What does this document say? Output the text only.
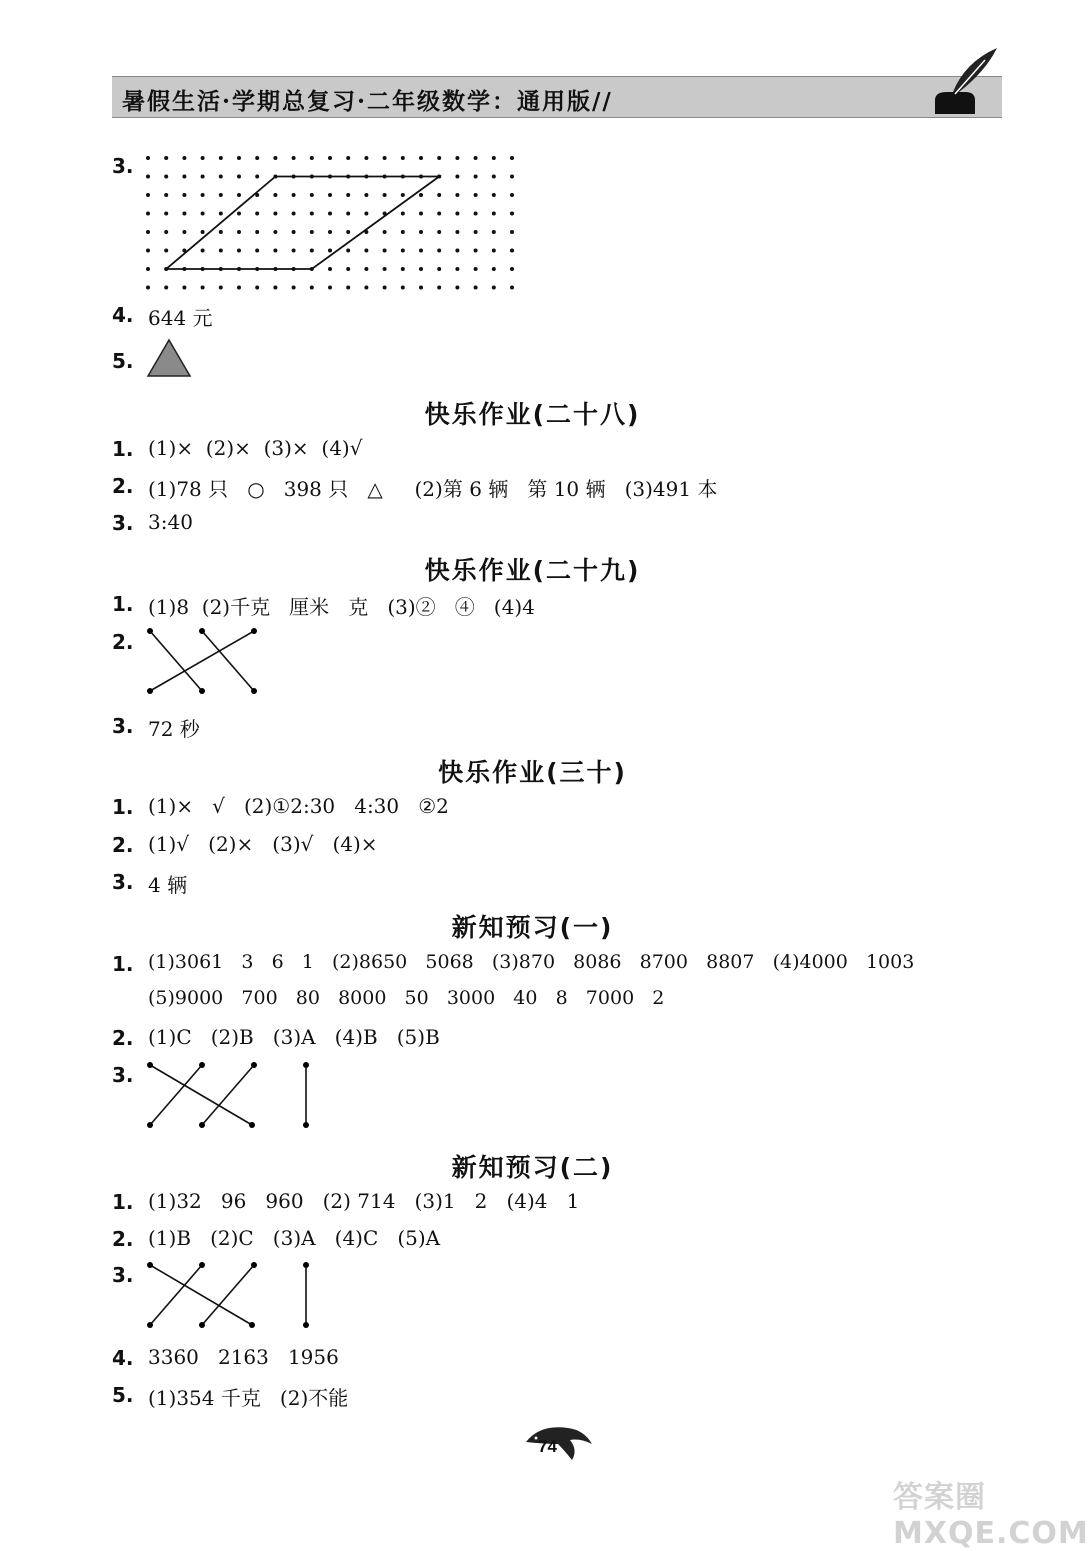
暑假生活·学期总复习·二年级数学：通用版//
3.
4. 644 元
5.
快乐作业(二十八)
1. (1)×  (2)×  (3)×  (4)√
2. (1)78 只   ○   398 只   △     (2)第 6 辆   第 10 辆   (3)491 本
3. 3:40
快乐作业(二十九)
1. (1)8  (2)千克   厘米   克   (3)②   ④   (4)4
2.
3. 72 秒
快乐作业(三十)
1. (1)×   √   (2)①2:30   4:30   ②2
2. (1)√   (2)×   (3)√   (4)×
3. 4 辆
新知预习(一)
1. (1)3061   3   6   1   (2)8650   5068   (3)870   8086   8700   8807   (4)4000   1003
(5)9000   700   80   8000   50   3000   40   8   7000   2
2. (1)C   (2)B   (3)A   (4)B   (5)B
3.
新知预习(二)
1. (1)32   96   960   (2) 714   (3)1   2   (4)4   1
2. (1)B   (2)C   (3)A   (4)C   (5)A
3.
4. 3360   2163   1956
5. (1)354 千克   (2)不能
74
答案圈 MXQE.COM
